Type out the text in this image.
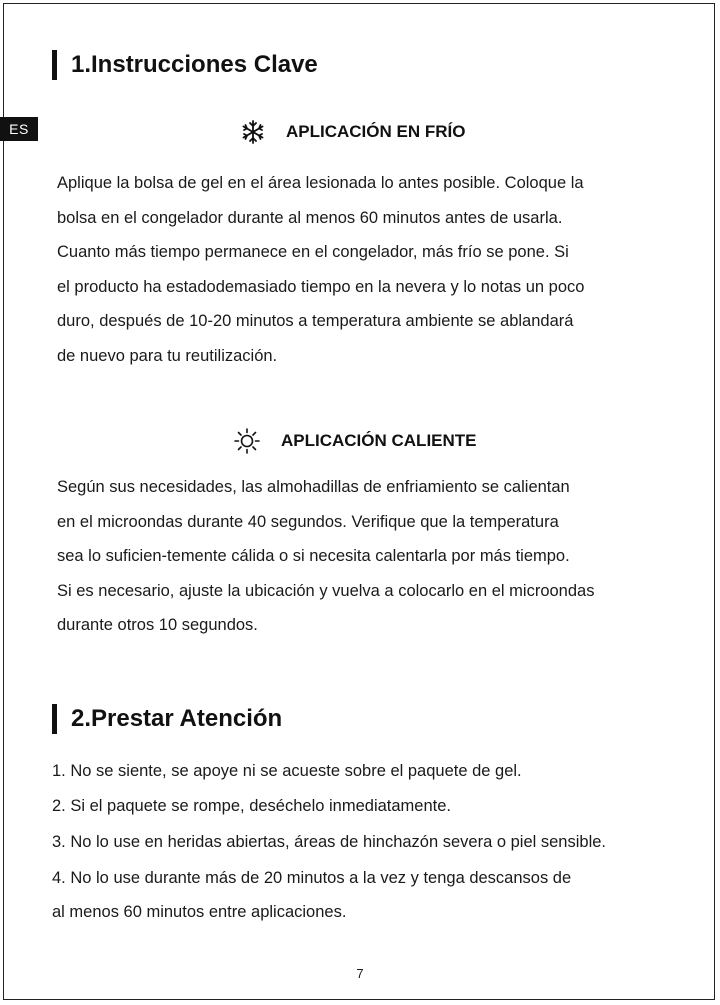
ES
1.Instrucciones Clave
APLICACIÓN EN FRÍO

Aplique la bolsa de gel en el área lesionada lo antes posible. Coloque la
bolsa en el congelador durante al menos 60 minutos antes de usarla.
Cuanto más tiempo permanece en el congelador, más frío se pone. Si
el producto ha estadodemasiado tiempo en la nevera y lo notas un poco
duro, después de 10-20 minutos a temperatura ambiente se ablandará
de nuevo para tu reutilización.

APLICACIÓN CALIENTE

Según sus necesidades, las almohadillas de enfriamiento se calientan
en el microondas durante 40 segundos. Verifique que la temperatura
sea lo suficien-temente cálida o si necesita calentarla por más tiempo.
Si es necesario, ajuste la ubicación y vuelva a colocarlo en el microondas
durante otros 10 segundos.

2.Prestar Atención
1. No se siente, se apoye ni se acueste sobre el paquete de gel.
2. Si el paquete se rompe, deséchelo inmediatamente.
3. No lo use en heridas abiertas, áreas de hinchazón severa o piel sensible.
4. No lo use durante más de 20 minutos a la vez y tenga descansos de
al menos 60 minutos entre aplicaciones.
7
